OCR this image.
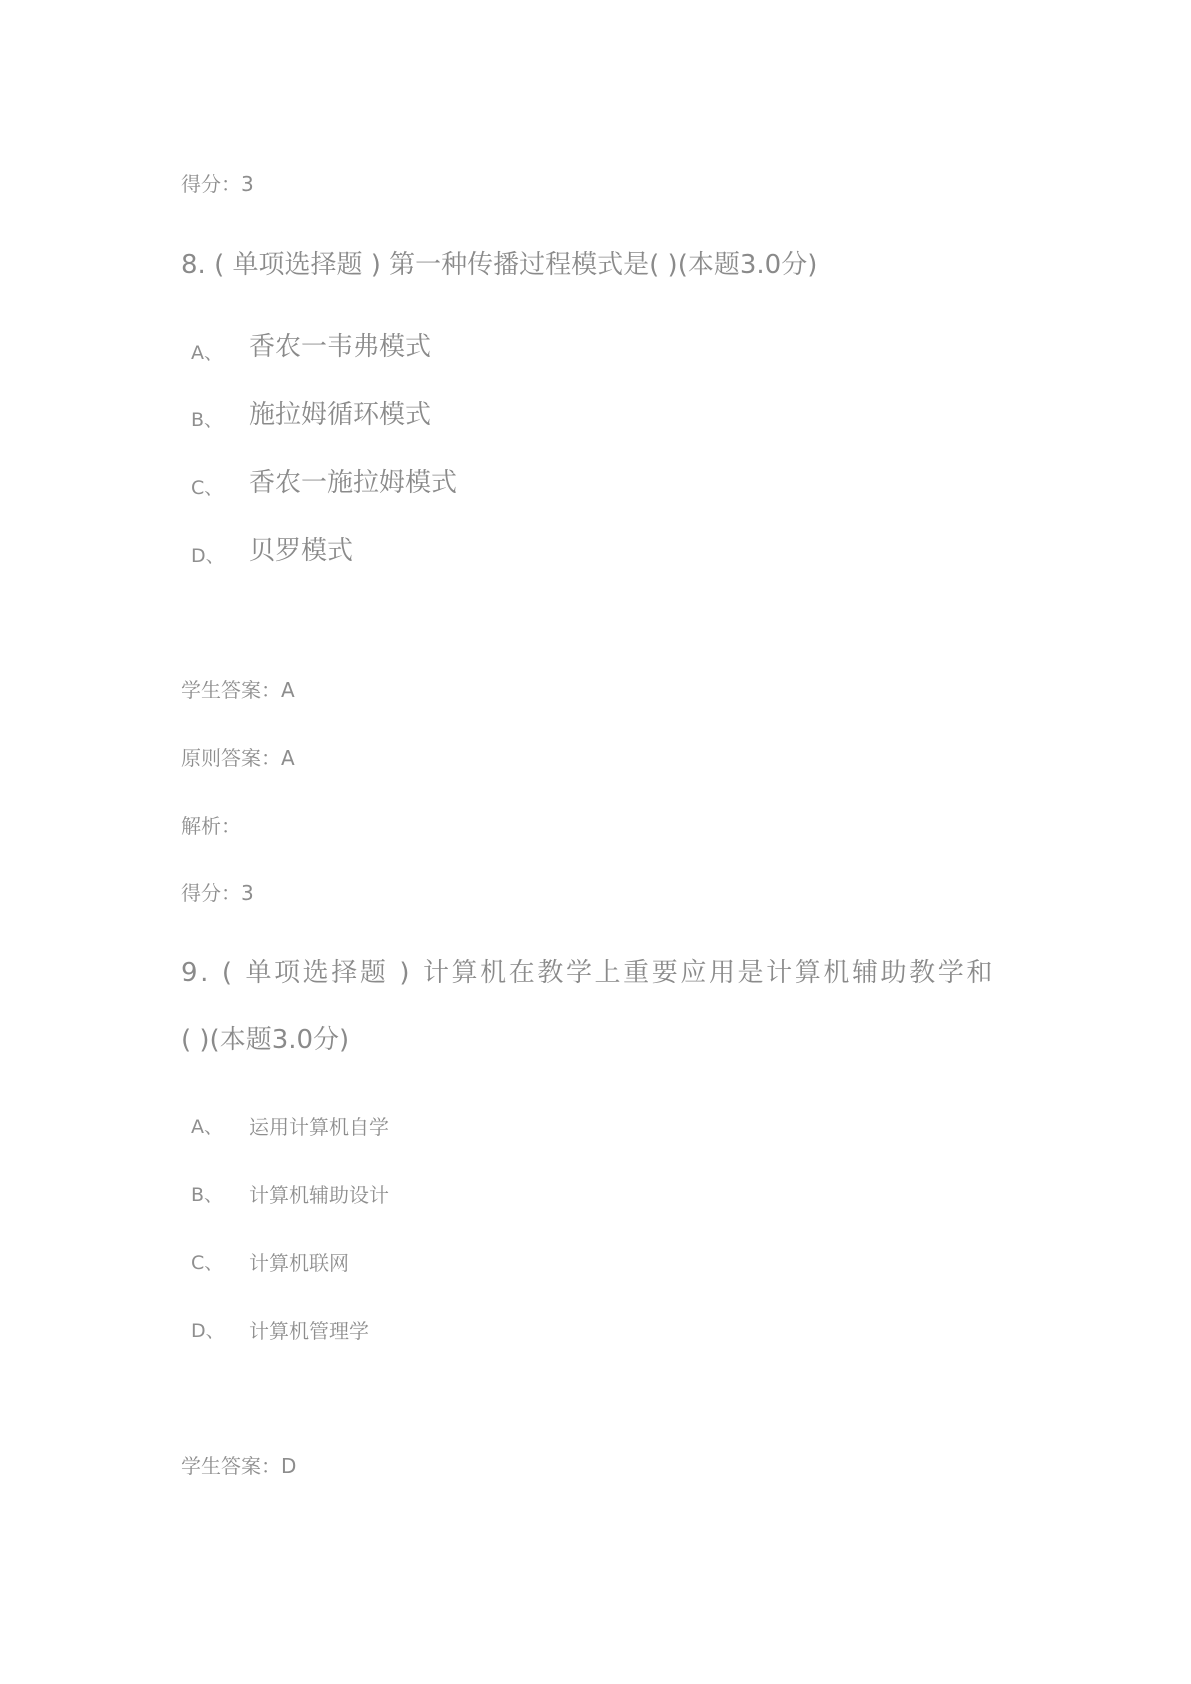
得分：3
8. ( 单项选择题 ) 第一种传播过程模式是( )(本题3.0分)
A、 香农一韦弗模式
B、 施拉姆循环模式
C、 香农一施拉姆模式
D、 贝罗模式
学生答案：A
原则答案：A
解析：
得分：3
9. ( 单项选择题 ) 计算机在教学上重要应用是计算机辅助教学和
( )(本题3.0分)
A、 运用计算机自学
B、 计算机辅助设计
C、 计算机联网
D、 计算机管理学
学生答案：D
